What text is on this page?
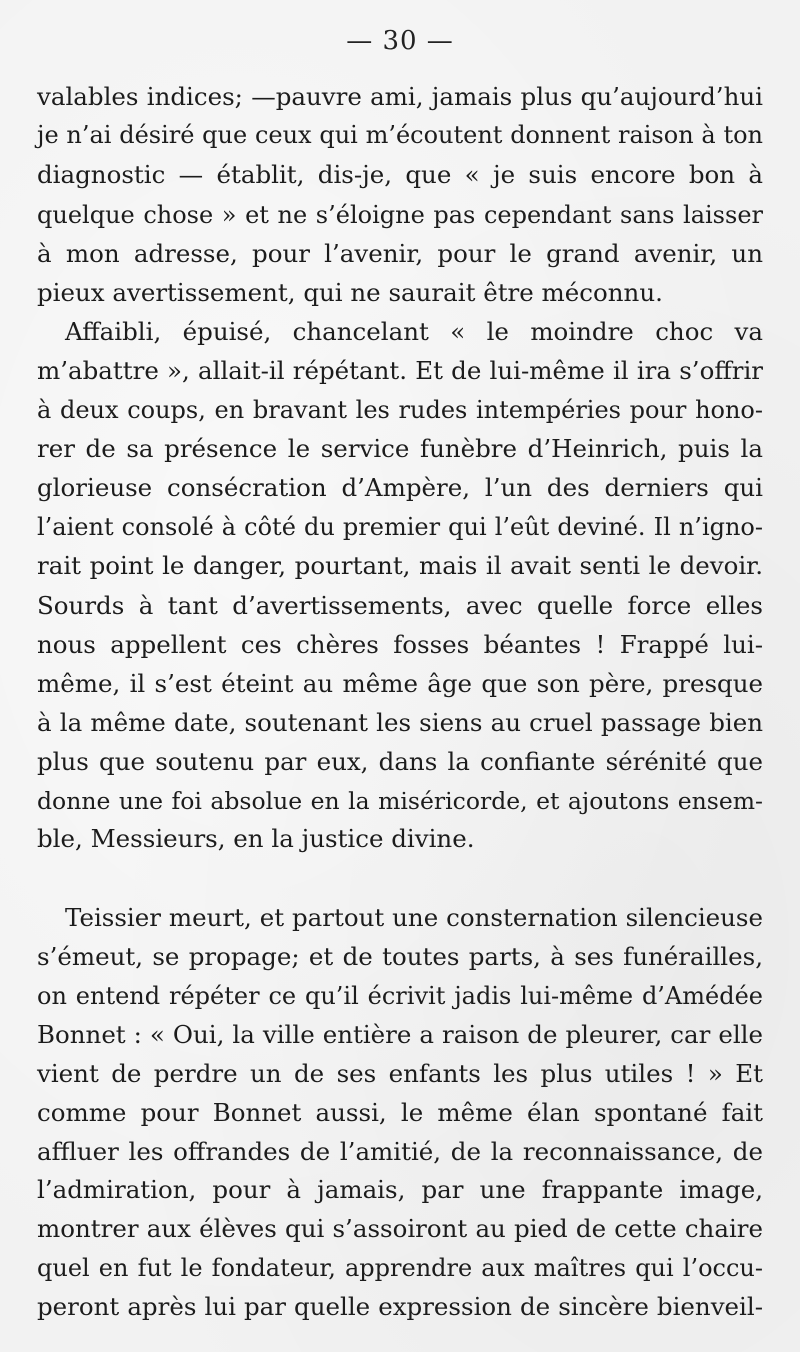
— 30 —
valables indices; —pauvre ami, jamais plus qu’aujourd’hui
je n’ai désiré que ceux qui m’écoutent donnent raison à ton
diagnostic — établit, dis-je, que « je suis encore bon à
quelque chose » et ne s’éloigne pas cependant sans laisser
à mon adresse, pour l’avenir, pour le grand avenir, un
pieux avertissement, qui ne saurait être méconnu.
Affaibli, épuisé, chancelant « le moindre choc va
m’abattre », allait-il répétant. Et de lui-même il ira s’offrir
à deux coups, en bravant les rudes intempéries pour hono-
rer de sa présence le service funèbre d’Heinrich, puis la
glorieuse consécration d’Ampère, l’un des derniers qui
l’aient consolé à côté du premier qui l’eût deviné. Il n’igno-
rait point le danger, pourtant, mais il avait senti le devoir.
Sourds à tant d’avertissements, avec quelle force elles
nous appellent ces chères fosses béantes ! Frappé lui-
même, il s’est éteint au même âge que son père, presque
à la même date, soutenant les siens au cruel passage bien
plus que soutenu par eux, dans la confiante sérénité que
donne une foi absolue en la miséricorde, et ajoutons ensem-
ble, Messieurs, en la justice divine.
Teissier meurt, et partout une consternation silencieuse
s’émeut, se propage; et de toutes parts, à ses funérailles,
on entend répéter ce qu’il écrivit jadis lui-même d’Amédée
Bonnet : « Oui, la ville entière a raison de pleurer, car elle
vient de perdre un de ses enfants les plus utiles ! » Et
comme pour Bonnet aussi, le même élan spontané fait
affluer les offrandes de l’amitié, de la reconnaissance, de
l’admiration, pour à jamais, par une frappante image,
montrer aux élèves qui s’assoiront au pied de cette chaire
quel en fut le fondateur, apprendre aux maîtres qui l’occu-
peront après lui par quelle expression de sincère bienveil-
